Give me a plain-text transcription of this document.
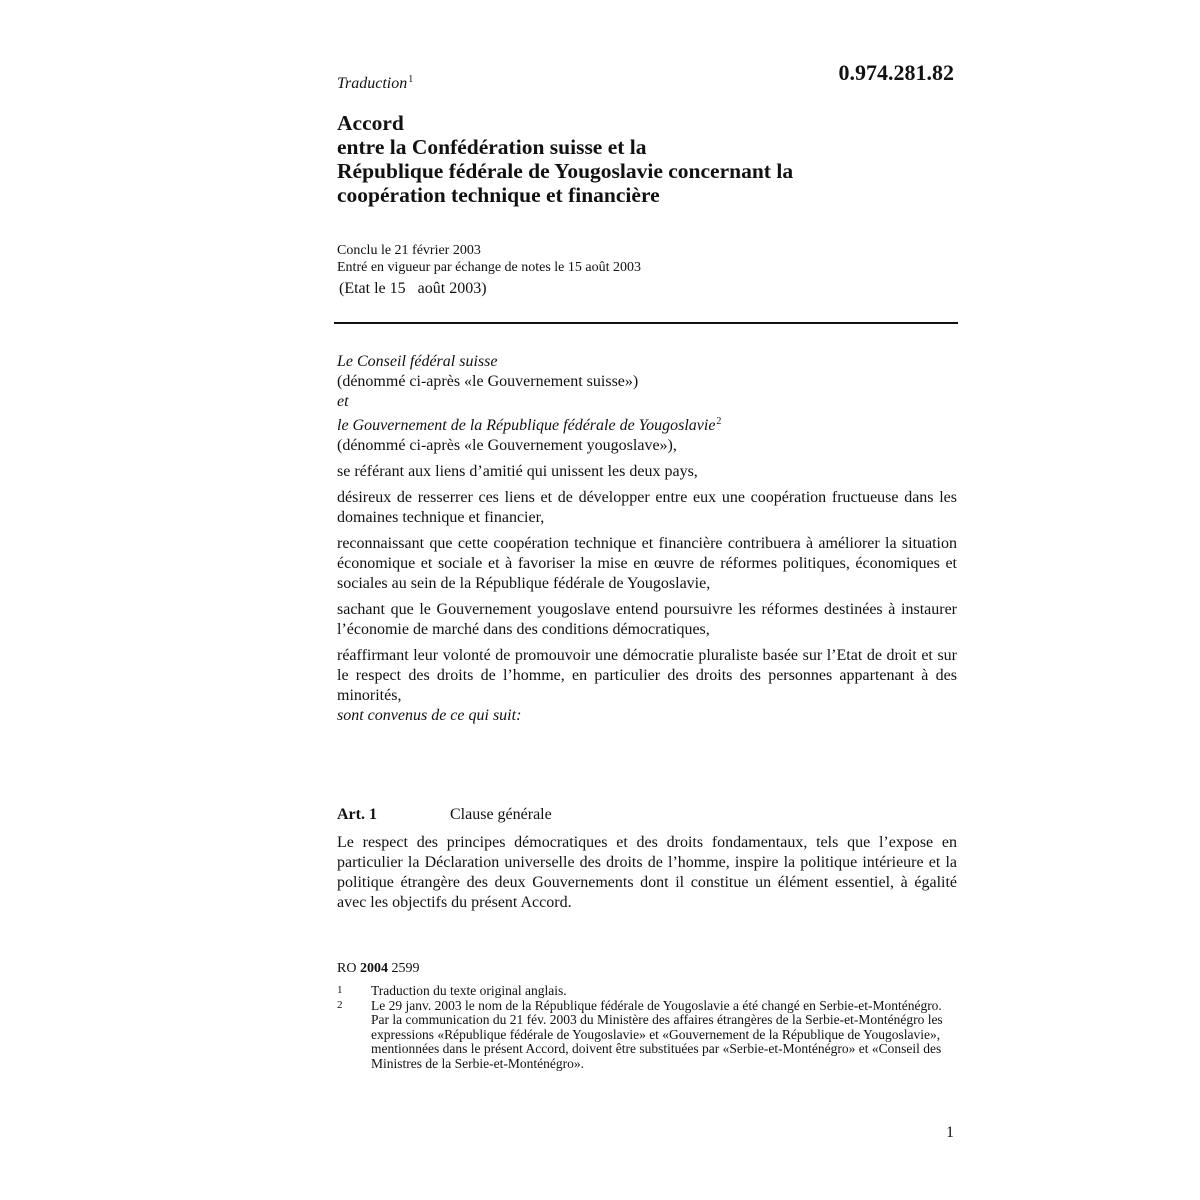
0.974.281.82
Traduction$^1$
Accord
entre la Confédération suisse et la
République fédérale de Yougoslavie concernant la
coopération technique et financière
Conclu le 21 février 2003
Entré en vigueur par échange de notes le 15 août 2003
(Etat le 15 août 2003)
Le Conseil fédéral suisse
(dénommé ci-après «le Gouvernement suisse»)
et
le Gouvernement de la République fédérale de Yougoslavie$^2$
(dénommé ci-après «le Gouvernement yougoslave»),
se référant aux liens d’amitié qui unissent les deux pays,
désireux de resserrer ces liens et de développer entre eux une coopération fructueuse dans les domaines technique et financier,
reconnaissant que cette coopération technique et financière contribuera à améliorer la situation économique et sociale et à favoriser la mise en œuvre de réformes politiques, économiques et sociales au sein de la République fédérale de Yougoslavie,
sachant que le Gouvernement yougoslave entend poursuivre les réformes destinées à instaurer l’économie de marché dans des conditions démocratiques,
réaffirmant leur volonté de promouvoir une démocratie pluraliste basée sur l’Etat de droit et sur le respect des droits de l’homme, en particulier des droits des personnes appartenant à des minorités,
sont convenus de ce qui suit:
Art. 1	Clause générale
Le respect des principes démocratiques et des droits fondamentaux, tels que l’expose en particulier la Déclaration universelle des droits de l’homme, inspire la politique intérieure et la politique étrangère des deux Gouvernements dont il constitue un élément essentiel, à égalité avec les objectifs du présent Accord.
RO 2004 2599
1	Traduction du texte original anglais.
2	Le 29 janv. 2003 le nom de la République fédérale de Yougoslavie a été changé en Serbie-et-Monténégro. Par la communication du 21 fév. 2003 du Ministère des affaires étrangères de la Serbie-et-Monténégro les expressions «République fédérale de Yougoslavie» et «Gouvernement de la République de Yougoslavie», mentionnées dans le présent Accord, doivent être substituées par «Serbie-et-Monténégro» et «Conseil des Ministres de la Serbie-et-Monténégro».
1
